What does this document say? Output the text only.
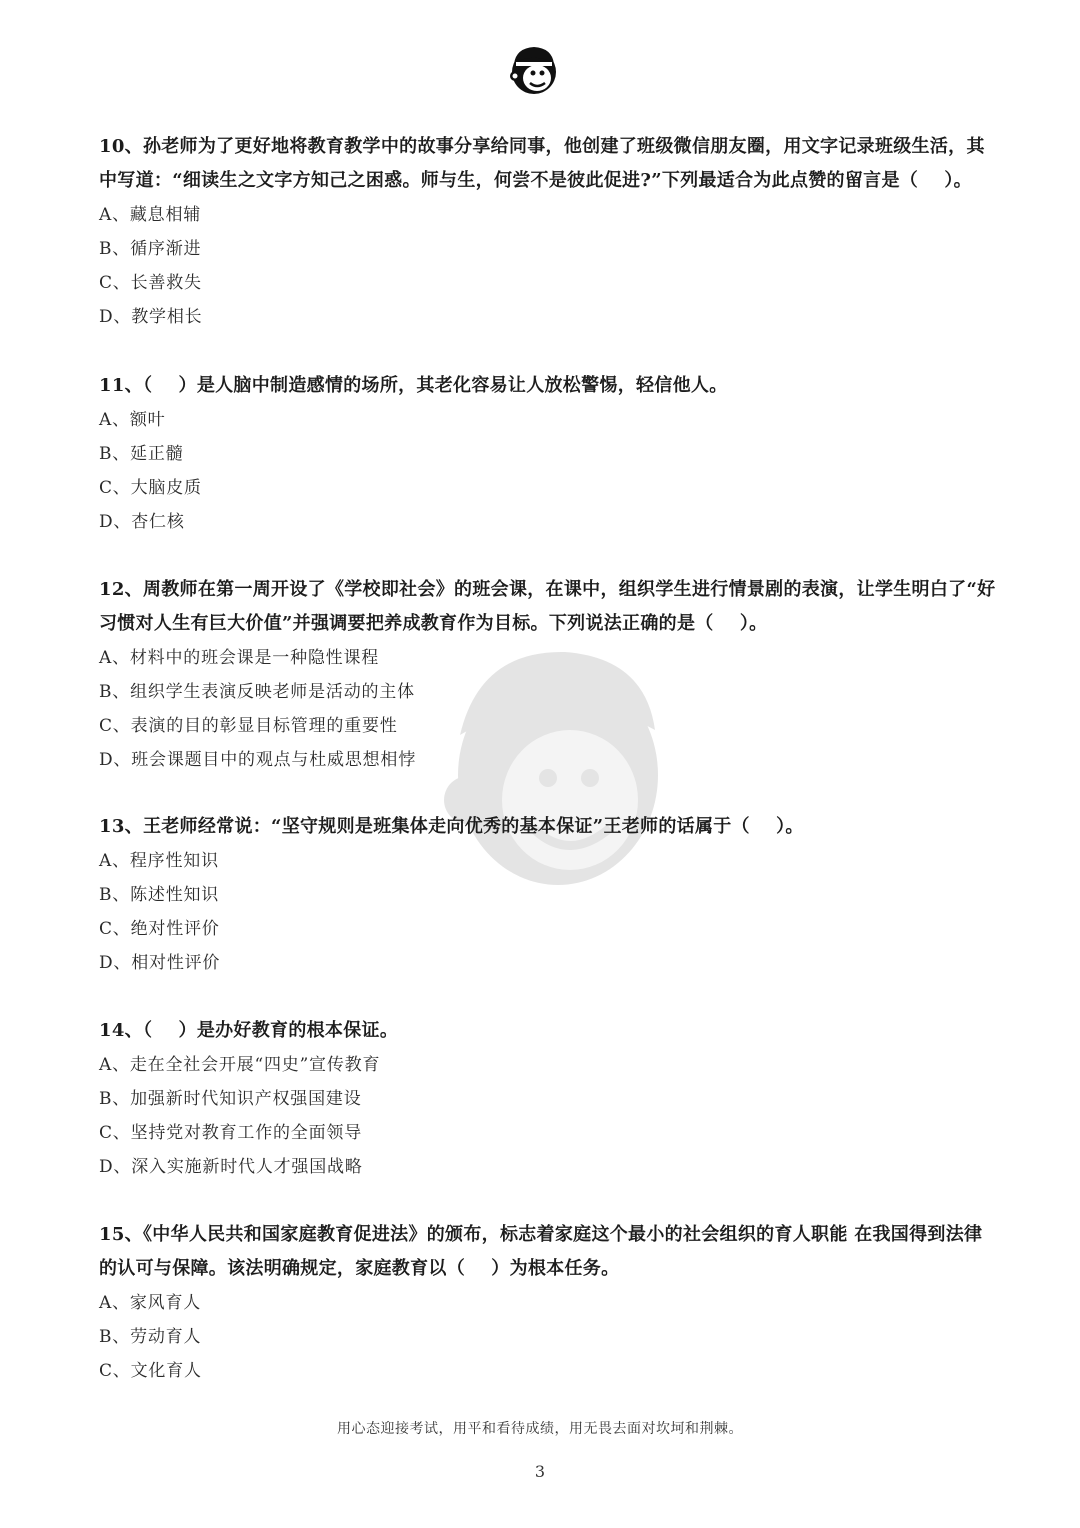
10、孙老师为了更好地将教育教学中的故事分享给同事，他创建了班级微信朋友圈，用文字记录班级生活，其中写道：“细读生之文字方知己之困惑。师与生，何尝不是彼此促进?”下列最适合为此点赞的留言是（    ）。
A、藏息相辅
B、循序渐进
C、长善救失
D、教学相长
11、（    ）是人脑中制造感情的场所，其老化容易让人放松警惕，轻信他人。
A、额叶
B、延正髓
C、大脑皮质
D、杏仁核
12、周教师在第一周开设了《学校即社会》的班会课，在课中，组织学生进行情景剧的表演，让学生明白了“好习惯对人生有巨大价值”并强调要把养成教育作为目标。下列说法正确的是（    ）。
A、材料中的班会课是一种隐性课程
B、组织学生表演反映老师是活动的主体
C、表演的目的彰显目标管理的重要性
D、班会课题目中的观点与杜威思想相悖
13、王老师经常说：“坚守规则是班集体走向优秀的基本保证”王老师的话属于（    ）。
A、程序性知识
B、陈述性知识
C、绝对性评价
D、相对性评价
14、（    ）是办好教育的根本保证。
A、走在全社会开展“四史”宣传教育
B、加强新时代知识产权强国建设
C、坚持党对教育工作的全面领导
D、深入实施新时代人才强国战略
15、《中华人民共和国家庭教育促进法》的颁布，标志着家庭这个最小的社会组织的育人职能 在我国得到法律的认可与保障。该法明确规定，家庭教育以（    ）为根本任务。
A、家风育人
B、劳动育人
C、文化育人
用心态迎接考试，用平和看待成绩，用无畏去面对坎坷和荆棘。
3
